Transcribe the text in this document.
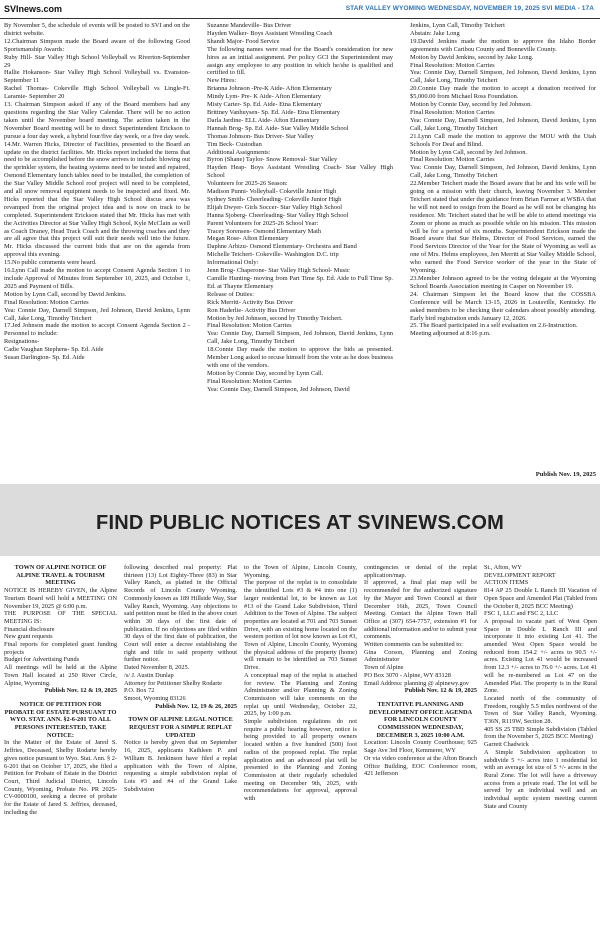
SVInews.com	STAR VALLEY WYOMING WEDNESDAY, NOVEMBER 19, 2025 SVI MEDIA - 17A

By November 5, the schedule of events will be posted to SVI and on the district website.

12.Chairman Simpson made the Board aware of the following Good Sportsmanship Awards:

Ruby Hill- Star Valley High School Volleyball vs Riverton-September 29

Hallie Hokanson- Star Valley High School Volleyball vs. Evanston- September 11

Rachel Thomas- Cokeville High School Volleyball vs Lingle-Ft. Laramie- September 20

13. Chairman Simpson asked if any of the Board members had any questions regarding the Star Valley Calendar. There will be no action taken until the November board meeting. The action taken in the November Board meeting will be to direct Superintendent Erickson to pursue a four day week, a hybrid four/five day week, or a five day week.

14.Mr. Warren Hicks, Director of Facilities, presented to the Board an update on the district facilities. Mr. Hicks report included the items that need to be accomplished before the snow arrives to include: blowing out the sprinkler system, the heating systems need to be tested and repaired, Osmond Elementary lunch tables need to be installed, the completion of the Star Valley Middle School roof project will need to be completed, and all snow removal equipment needs to be inspected and fixed. Mr. Hicks reported that the Star Valley High School discus area was revamped from the original project idea and is now on track to be completed. Superintendent Erickson stated that Mr. Hicks has met with the Activities Director at Star Valley High School, Kyle McClain as well as Coach Draney, Head Track Coach and the throwing coaches and they are all agree that this project will suit their needs well into the future. Mr. Hicks discussed the current bids that are on the agenda from approval this evening.

15.No public comments were heard.

16.Lynn Call made the motion to accept Consent Agenda Section 1 to include Approval of Minutes from September 10, 2025, and October 1, 2025 and Payment of Bills.

Motion by Lynn Call, second by David Jenkins.

Final Resolution: Motion Carries

Yea: Connie Day, Darnell Simpson, Jed Johnson, David Jenkins, Lynn Call, Jake Long, Timothy Teichert

17.Jed Johnson made the motion to accept Consent Agenda Section 2 - Personnel to include:

Resignations-

Cadie Vaughan Stephens- Sp. Ed. Aide

Susan Darlington- Sp. Ed. Aide

Suzanne Mandeville- Bus Driver

Hayden Walker- Boys Assistant Wrestling Coach

Shandi Major- Food Service

The following names were read for the Board's consideration for new hires as an initial assignment. Per policy GCI the Superintendent may assign any employee to any position in which he/she is qualified and certified to fill.

New Hires:

Brianna Johnson -Pre-K Aide- Afton Elementary

Mindy Lym- Pre- K Aide- Afton Elementary

Misty Carter- Sp. Ed. Aide- Etna Elementary

Brittney Vanhuysen- Sp. Ed. Aide- Etna Elementary

Darla Jardine- ELL Aide- Afton Elementary

Hannah Brog- Sp. Ed. Aide- Star Valley Middle School

Thomas Johnson- Bus Driver- Star Valley

Tim Beck- Custodian

Additional Assignments:

Byron (Shane) Taylor- Snow Removal- Star Valley

Hayden Heap- Boys Assistant Wrestling Coach- Star Valley High School

Volunteers for 2025-26 Season:

Madison Punni- Volleyball- Cokeville Junior High

Sydney Smith- Cheerleading- Cokeville Junior High

Elijah Dwyer- Girls Soccer- Star Valley High School

Hanna Sjoberg- Cheerleading- Star Valley High School

Parent Volunteers for 2025-26 School Year:

Tracey Sorensen- Osmond Elementary Math

Megan Rose- Afton Elementary

Daphne Arbizu- Osmond Elementary- Orchestra and Band

Michelle Teichert- Cokeville- Washington D.C. trip

Informational Only:

Jenn Brog- Chaperone- Star Valley High School- Music

Camille Hunting- moving from Part Time Sp. Ed. Aide to Full Time Sp. Ed. at Thayne Elementary

Release of Duties:

Rick Merritt- Activity Bus Driver

Ron Haderlie- Activity Bus Driver

Motion by Jed Johnson, second by Timothy Teichert.

Final Resolution: Motion Carries

Yea: Connie Day, Darnell Simpson, Jed Johnson, David Jenkins, Lynn Call, Jake Long, Timothy Teichert

18.Connie Day made the motion to approve the bids as presented. Member Long asked to recuse himself from the vote as he does business with one of the vendors.

Motion by Connie Day, second by Lynn Call.

Final Resolution: Motion Carries

Yea: Connie Day, Darnell Simpson, Jed Johnson, David

Jenkins, Lynn Call, Timothy Teichert

Abstain: Jake Long

19.David Jenkins made the motion to approve the Idaho Border agreements with Caribou County and Bonneville County.

Motion by David Jenkins, second by Jake Long.

Final Resolution: Motion Carries

Yea: Connie Day, Darnell Simpson, Jed Johnson, David Jenkins, Lynn Call, Jake Long, Timothy Teichert

20.Connie Day made the motion to accept a donation received for $5,000.00 from Michael Ross Foundation.

Motion by Connie Day, second by Jed Johnson.

Final Resolution: Motion Carries

Yea: Connie Day, Darnell Simpson, Jed Johnson, David Jenkins, Lynn Call, Jake Long, Timothy Teichert

21.Lynn Call made the motion to approve the MOU with the Utah Schools For Deaf and Blind.

Motion by Lynn Call, second by Jed Johnson.

Final Resolution: Motion Carries

Yea: Connie Day, Darnell Simpson, Jed Johnson, David Jenkins, Lynn Call, Jake Long, Timothy Teichert

22.Member Teichert made the Board aware that he and his wife will be going on a mission with their church, leaving November 3. Member Teichert stated that under the guidance from Brian Farmer at WSBA that he will not need to resign from the Board as he will not be changing his residence. Mr. Teichert stated that he will be able to attend meetings via Zoom or phone as much as possible while on his mission. This mission will be for a period of six months. Superintendent Erickson made the Board aware that Sue Helms, Director of Food Services, earned the Food Services Director of the Year for the State of Wyoming as well as one of Mrs. Helms employees, Jen Merritt at Star Valley Middle School, who earned the Food Service worker of the year in the State of Wyoming.

23.Member Johnson agreed to be the voting delegate at the Wyoming School Boards Association meeting in Casper on November 19.

24. Chairman Simpson let the Board know that the COSSBA Conference will be March 13-15, 2026 in Louisville, Kentucky. He asked members to be checking their calendars about possibly attending. Early bird registration ends January 12, 2026.

25. The Board participated in a self evaluation on 2.6-Instruction.

Meeting adjourned at 8:16 p.m.

Publish Nov. 19, 2025
FIND PUBLIC NOTICES AT SVINEWS.COM

TOWN OF ALPINE NOTICE OF ALPINE TRAVEL & TOURISM MEETING

NOTICE IS HEREBY GIVEN, the Alpine Tourism Board will hold a MEETING ON November 19, 2025 @ 6:00 p.m.

THE PURPOSE OF THE SPECIAL MEETING IS:

Financial disclosure

New grant requests

Final reports for completed grant funding projects

Budget for Advertising Funds

All meetings will be held at the Alpine Town Hall located at 250 River Circle, Alpine, Wyoming.

Publish Nov. 12 & 19, 2025

NOTICE OF PETITION FOR PROBATE OF ESTATE PURSUANT TO WYO. STAT. ANN. §2-6-201 TO ALL PERSONS INTERESTED, TAKE NOTICE:

In the Matter of the Estate of Jared S. Jeffries, Deceased, Shelby Rodarte hereby gives notice pursuant to Wyo. Stat. Ann. § 2-6-201 that on October 17, 2025, she filed a Petition for Probate of Estate in the District Court, Third Judicial District, Lincoln County, Wyoming, Probate No. PR 2025-CV-0000100, seeking a decree of probate for the Estate of Jared S. Jeffries, deceased, including the

following described real property: Plat thirteen (13) Lot Eighty-Three (83) in Star Valley Ranch, as platted in the Official Records of Lincoln County Wyoming. Commonly known as 189 Hillside Way, Star Valley Ranch, Wyoming. Any objections to said petition must be filed in the above court within 30 days of the first date of publication. If no objections are filed within 30 days of the first date of publication, the Court will enter a decree establishing the right and title to said property without further notice.

Dated November 8, 2025.

/s/ J. Austin Dunlap

Attorney for Petitioner Shelby Rodarte

P.O. Box 72

Smoot, Wyoming 83126

Publish Nov. 12, 19 & 26, 2025

TOWN OF ALPINE LEGAL NOTICE REQUEST FOR A SIMPLE REPLAT UPDATED

Notice is hereby given that on September 16, 2025, applicants Kathleen P. and William B. Jenkinson have filed a replat application with the Town of Alpine, requesting a simple subdivision replat of Lots #3 and #4 of the Grand Lake Subdivision

to the Town of Alpine, Lincoln County, Wyoming.

The purpose of the replat is to consolidate the identified Lots #3 & #4 into one (1) larger residential lot, to be known as Lot #13 of the Grand Lake Subdivision, Third Addition to the Town of Alpine. The subject properties are located at 701 and 703 Sunset Drive, with an existing home located on the western portion of lot now known as Lot #3, Town of Alpine, Lincoln County, Wyoming the physical address of the property (home) will remain to be identified as 703 Sunset Drive.

A conceptual map of the replat is attached for review. The Planning and Zoning Administrator and/or Planning & Zoning Commission will take comments on the replat up until Wednesday, October 22, 2025, by 1:00 p.m.

Simple subdivision regulations do not require a public hearing however, notice is being provided to all property owners located within a five hundred (500) foot radius of the proposed replat. The replat application and an advanced plat will be presented to the Planning and Zoning Commission at their regularly scheduled meeting on December 9th, 2025, with recommendations for approval, approval with

contingencies or denial of the replat application/map.

If approved, a final plat map will be recommended for the authorized signature by the Mayor and Town Council at their December 16th, 2025, Town Council Meeting. Contact the Alpine Town Hall Office at (307) 654-7757, extension #1 for additional information and/or to submit your comments.

Written comments can be submitted to:

Gina Corson, Planning and Zoning Administrator

Town of Alpine

PO Box 3070 - Alpine, WY 83128

Email Address: planning @ alpinewy.gov

Publish Nov. 12 & 19, 2025

TENTATIVE PLANNING AND DEVELOPMENT OFFICE AGENDA FOR LINCOLN COUNTY COMMISSION WEDNESDAY, DECEMBER 3, 2025 10:00 A.M.

Location: Lincoln County Courthouse; 925 Sage Ave 3rd Floor, Kemmerer, WY

Or via video conference at the Afton Branch Office Building, EOC Conference room, 421 Jefferson

St., Afton, WY

DEVELOPMENT REPORT

ACTION ITEMS

814 AP 25 Double L Ranch III Vacation of Open Space and Amended Plat (Tabled from the October 8, 2025 BCC Meeting)

FSC 1, LLC and FSC 2, LLC

A proposal to vacate part of West Open Space in Double L Ranch III and incorporate it into existing Lot 41. The amended West Open Space would be reduced from 154.2 +/- acres to 90.5 +/- acres. Existing Lot 41 would be increased from 12.3 +/- acres to 76.0 +/- acres. Lot 41 will be re-numbered as Lot 47 on the Amended Plat. The property is in the Rural Zone.

Located north of the community of Freedom, roughly 5.5 miles northwest of the Town of Star Valley Ranch, Wyoming. T36N, R119W, Section 28.

405 SS 25 TBD Simple Subdivision (Tabled from the November 5, 2025 BCC Meeting)

Garrett Chadwick

A Simple Subdivision application to subdivide 5 +/- acres into 1 residential lot with an average lot size of 5 +/- acres in the Rural Zone. The lot will have a driveway access from a private road. The lot will be served by an individual well and an individual septic system meeting current State and County
